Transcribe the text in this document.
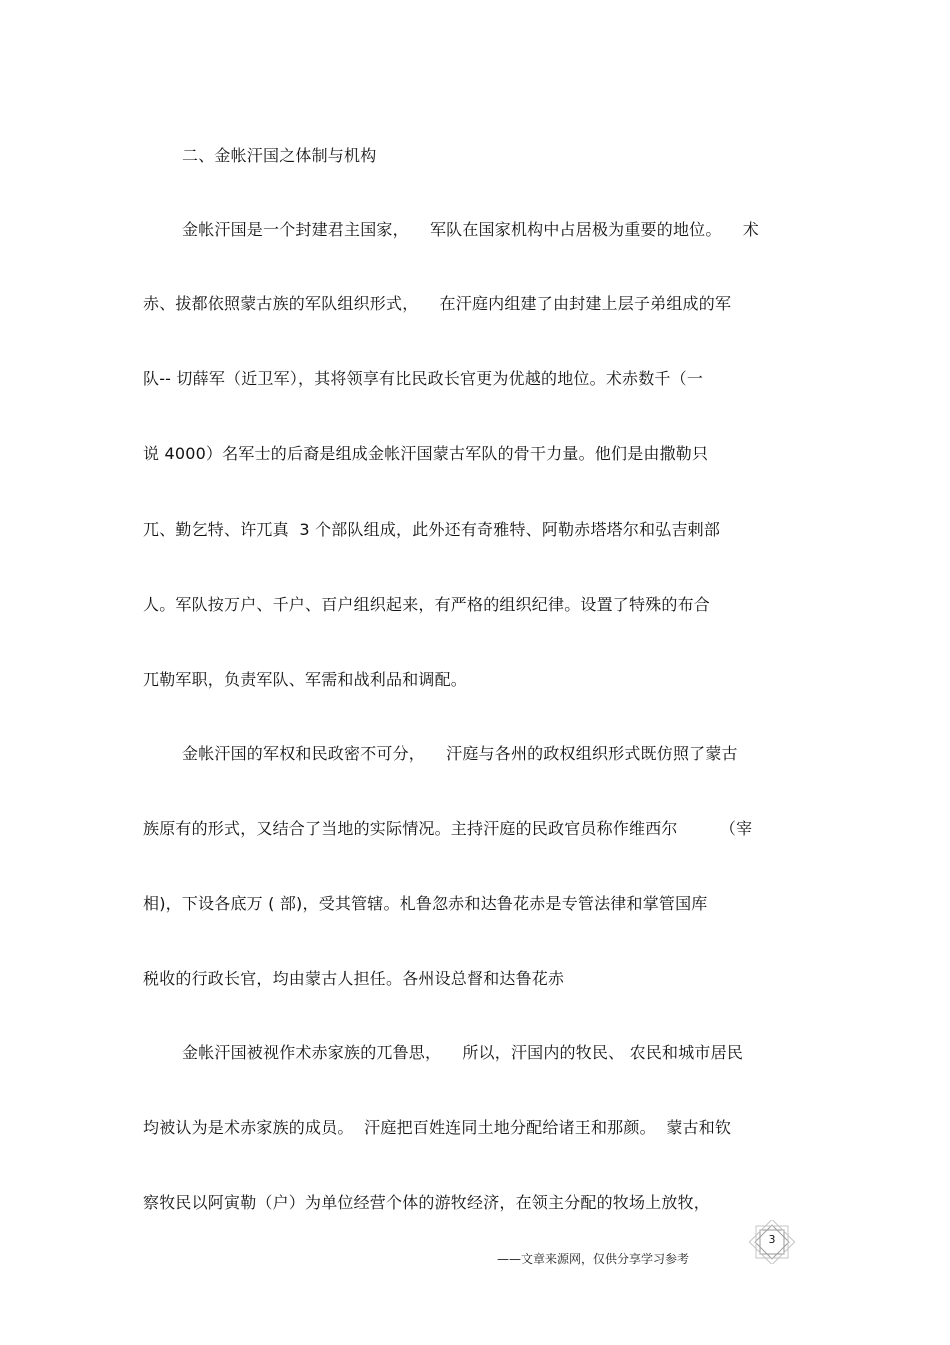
二、金帐汗国之体制与机构
金帐汗国是一个封建君主国家，    军队在国家机构中占居极为重要的地位。    术
赤、拔都依照蒙古族的军队组织形式，    在汗庭内组建了由封建上层子弟组成的军
队-- 切薛军（近卫军），其将领享有比民政长官更为优越的地位。术赤数千（一
说 4000）名军士的后裔是组成金帐汗国蒙古军队的骨干力量。他们是由撒勒只
兀、勤乞特、许兀真  3 个部队组成，此外还有奇雅特、阿勒赤塔塔尔和弘吉剌部
人。军队按万户、千户、百户组织起来，有严格的组织纪律。设置了特殊的布合
兀勒军职，负责军队、军需和战利品和调配。
金帐汗国的军权和民政密不可分，    汗庭与各州的政权组织形式既仿照了蒙古
族原有的形式，又结合了当地的实际情况。主持汗庭的民政官员称作维西尔        （宰
相)，下设各底万 ( 部)，受其管辖。札鲁忽赤和达鲁花赤是专管法律和掌管国库
税收的行政长官，均由蒙古人担任。各州设总督和达鲁花赤
金帐汗国被视作术赤家族的兀鲁思，    所以，汗国内的牧民、 农民和城市居民
均被认为是术赤家族的成员。  汗庭把百姓连同土地分配给诸王和那颜。  蒙古和钦
察牧民以阿寅勒（户）为单位经营个体的游牧经济，在领主分配的牧场上放牧，
3
——文章来源网，仅供分享学习参考
